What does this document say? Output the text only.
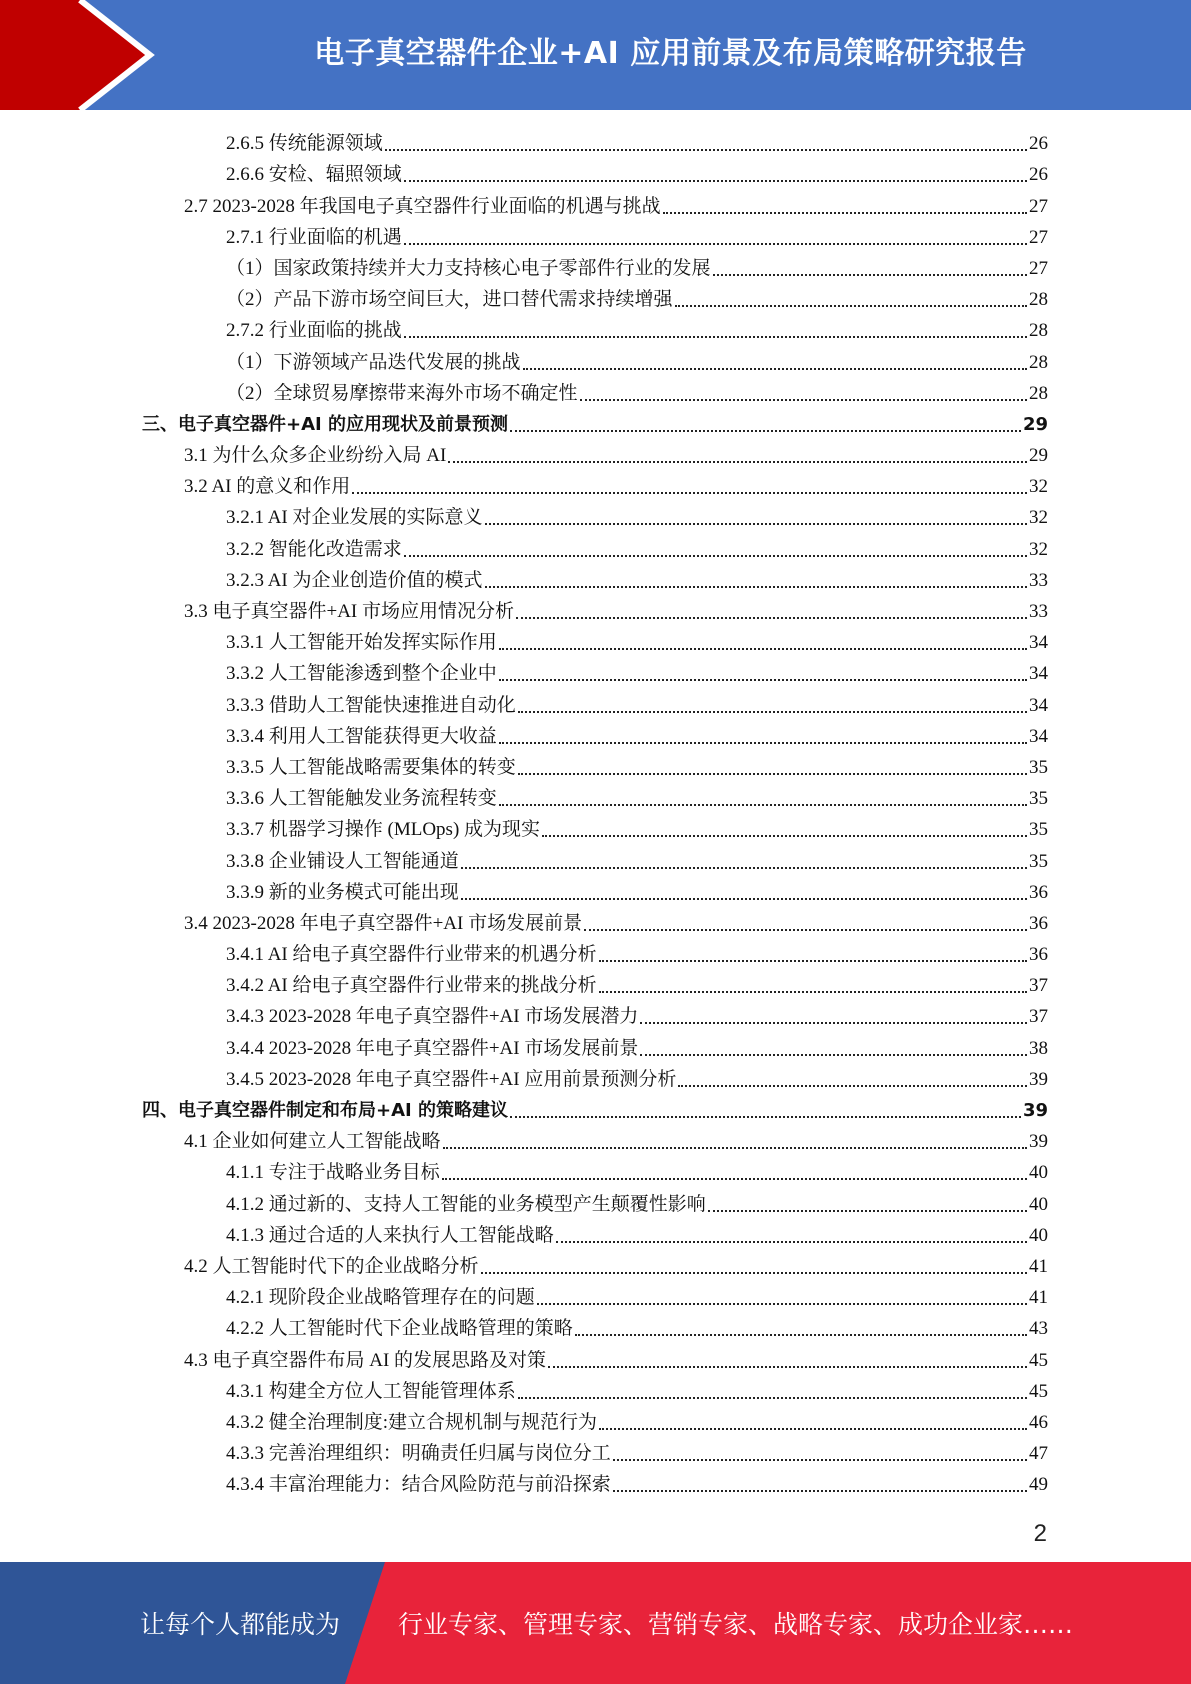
电子真空器件企业+AI 应用前景及布局策略研究报告
2.6.5 传统能源领域	26
2.6.6 安检、辐照领域	26
2.7 2023-2028 年我国电子真空器件行业面临的机遇与挑战	27
2.7.1 行业面临的机遇	27
（1）国家政策持续并大力支持核心电子零部件行业的发展	27
（2）产品下游市场空间巨大，进口替代需求持续增强	28
2.7.2 行业面临的挑战	28
（1）下游领域产品迭代发展的挑战	28
（2）全球贸易摩擦带来海外市场不确定性	28
三、电子真空器件+AI 的应用现状及前景预测	29
3.1 为什么众多企业纷纷入局 AI	29
3.2 AI 的意义和作用	32
3.2.1 AI 对企业发展的实际意义	32
3.2.2 智能化改造需求	32
3.2.3 AI 为企业创造价值的模式	33
3.3 电子真空器件+AI 市场应用情况分析	33
3.3.1 人工智能开始发挥实际作用	34
3.3.2 人工智能渗透到整个企业中	34
3.3.3 借助人工智能快速推进自动化	34
3.3.4 利用人工智能获得更大收益	34
3.3.5 人工智能战略需要集体的转变	35
3.3.6 人工智能触发业务流程转变	35
3.3.7 机器学习操作 (MLOps) 成为现实	35
3.3.8 企业铺设人工智能通道	35
3.3.9 新的业务模式可能出现	36
3.4 2023-2028 年电子真空器件+AI 市场发展前景	36
3.4.1 AI 给电子真空器件行业带来的机遇分析	36
3.4.2 AI 给电子真空器件行业带来的挑战分析	37
3.4.3 2023-2028 年电子真空器件+AI 市场发展潜力	37
3.4.4 2023-2028 年电子真空器件+AI 市场发展前景	38
3.4.5 2023-2028 年电子真空器件+AI 应用前景预测分析	39
四、电子真空器件制定和布局+AI 的策略建议	39
4.1 企业如何建立人工智能战略	39
4.1.1 专注于战略业务目标	40
4.1.2 通过新的、支持人工智能的业务模型产生颠覆性影响	40
4.1.3 通过合适的人来执行人工智能战略	40
4.2 人工智能时代下的企业战略分析	41
4.2.1 现阶段企业战略管理存在的问题	41
4.2.2 人工智能时代下企业战略管理的策略	43
4.3 电子真空器件布局 AI 的发展思路及对策	45
4.3.1 构建全方位人工智能管理体系	45
4.3.2 健全治理制度:建立合规机制与规范行为	46
4.3.3 完善治理组织：明确责任归属与岗位分工	47
4.3.4 丰富治理能力：结合风险防范与前沿探索	49
2
让每个人都能成为 行业专家、管理专家、营销专家、战略专家、成功企业家……
